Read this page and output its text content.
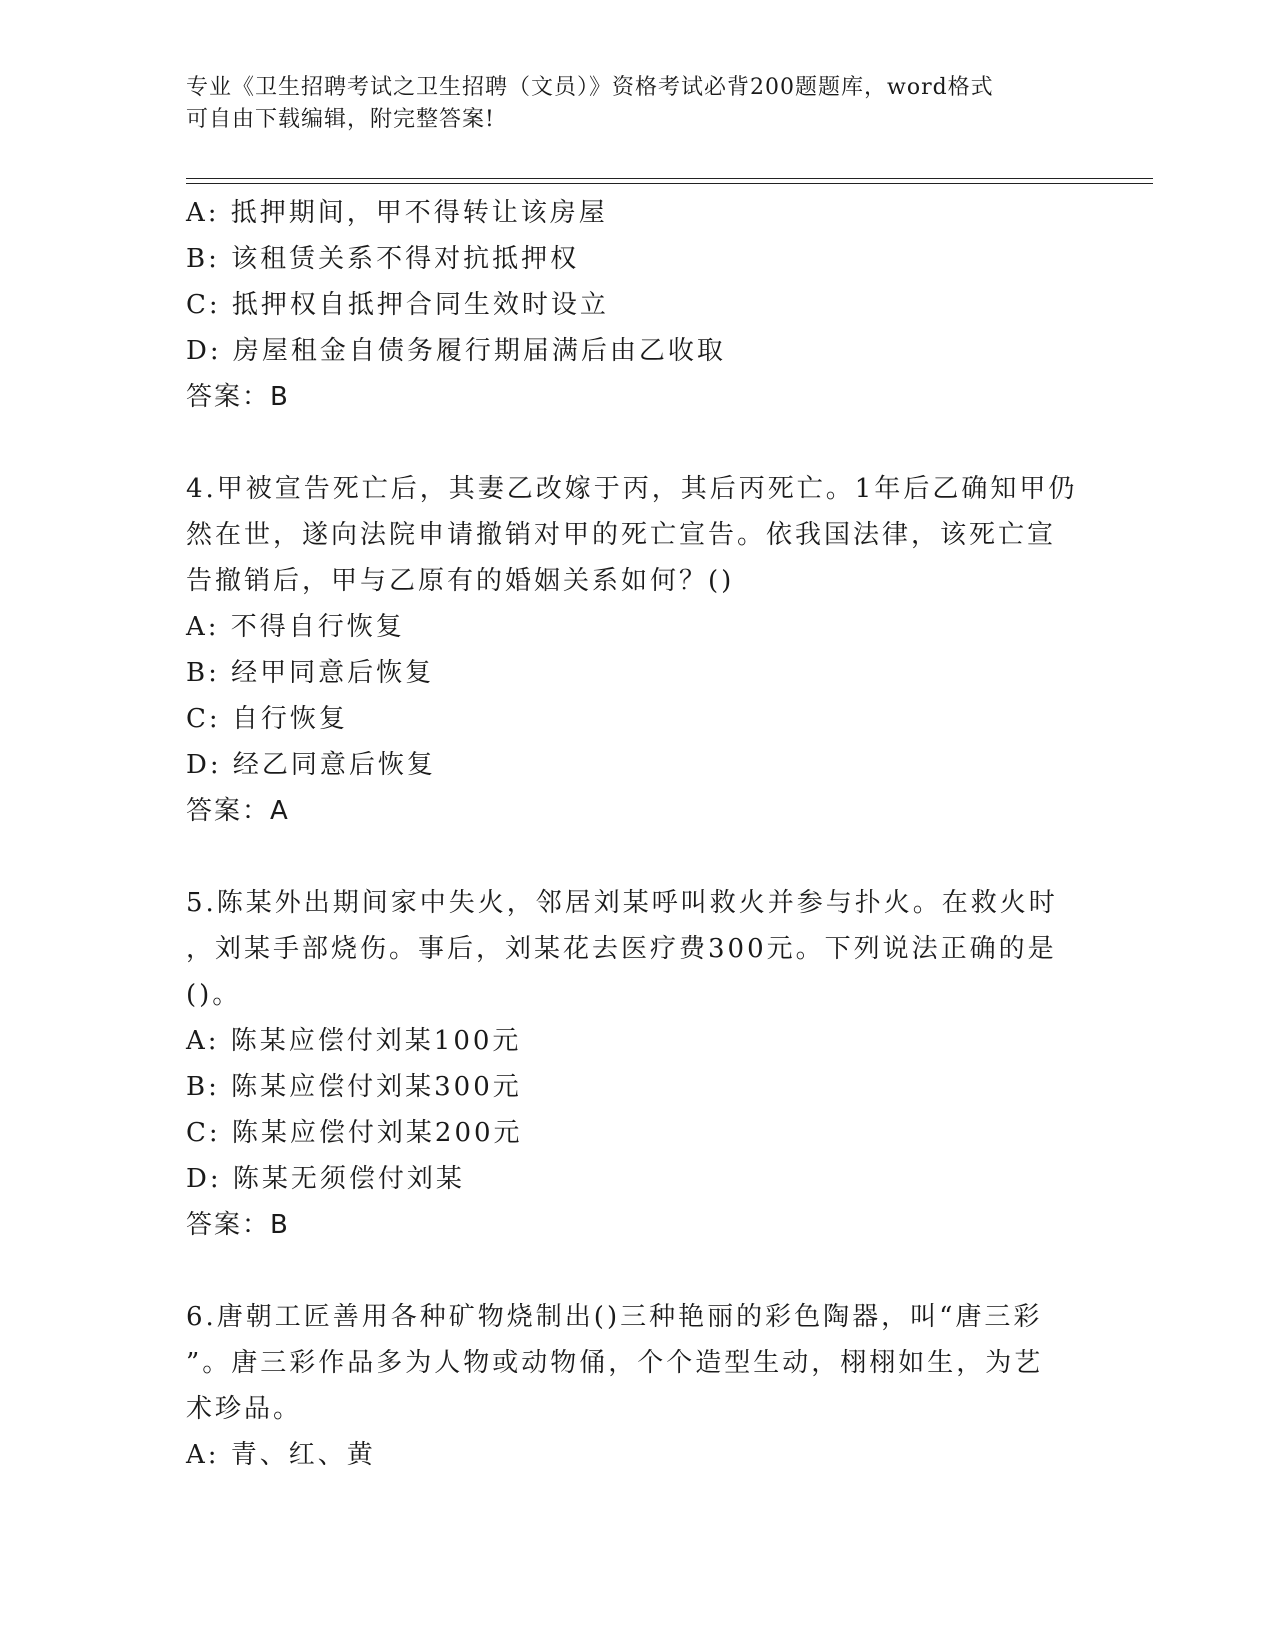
专业《卫生招聘考试之卫生招聘（文员）》资格考试必背200题题库，word格式
可自由下载编辑，附完整答案!
A: 抵押期间，甲不得转让该房屋
B: 该租赁关系不得对抗抵押权
C: 抵押权自抵押合同生效时设立
D: 房屋租金自债务履行期届满后由乙收取
答案：B
4.甲被宣告死亡后，其妻乙改嫁于丙，其后丙死亡。1年后乙确知甲仍
然在世，遂向法院申请撤销对甲的死亡宣告。依我国法律，该死亡宣
告撤销后，甲与乙原有的婚姻关系如何？()
A: 不得自行恢复
B: 经甲同意后恢复
C: 自行恢复
D: 经乙同意后恢复
答案：A
5.陈某外出期间家中失火，邻居刘某呼叫救火并参与扑火。在救火时
，刘某手部烧伤。事后，刘某花去医疗费300元。下列说法正确的是
()。
A: 陈某应偿付刘某100元
B: 陈某应偿付刘某300元
C: 陈某应偿付刘某200元
D: 陈某无须偿付刘某
答案：B
6.唐朝工匠善用各种矿物烧制出()三种艳丽的彩色陶器，叫“唐三彩
”。唐三彩作品多为人物或动物俑，个个造型生动，栩栩如生，为艺
术珍品。
A: 青、红、黄
